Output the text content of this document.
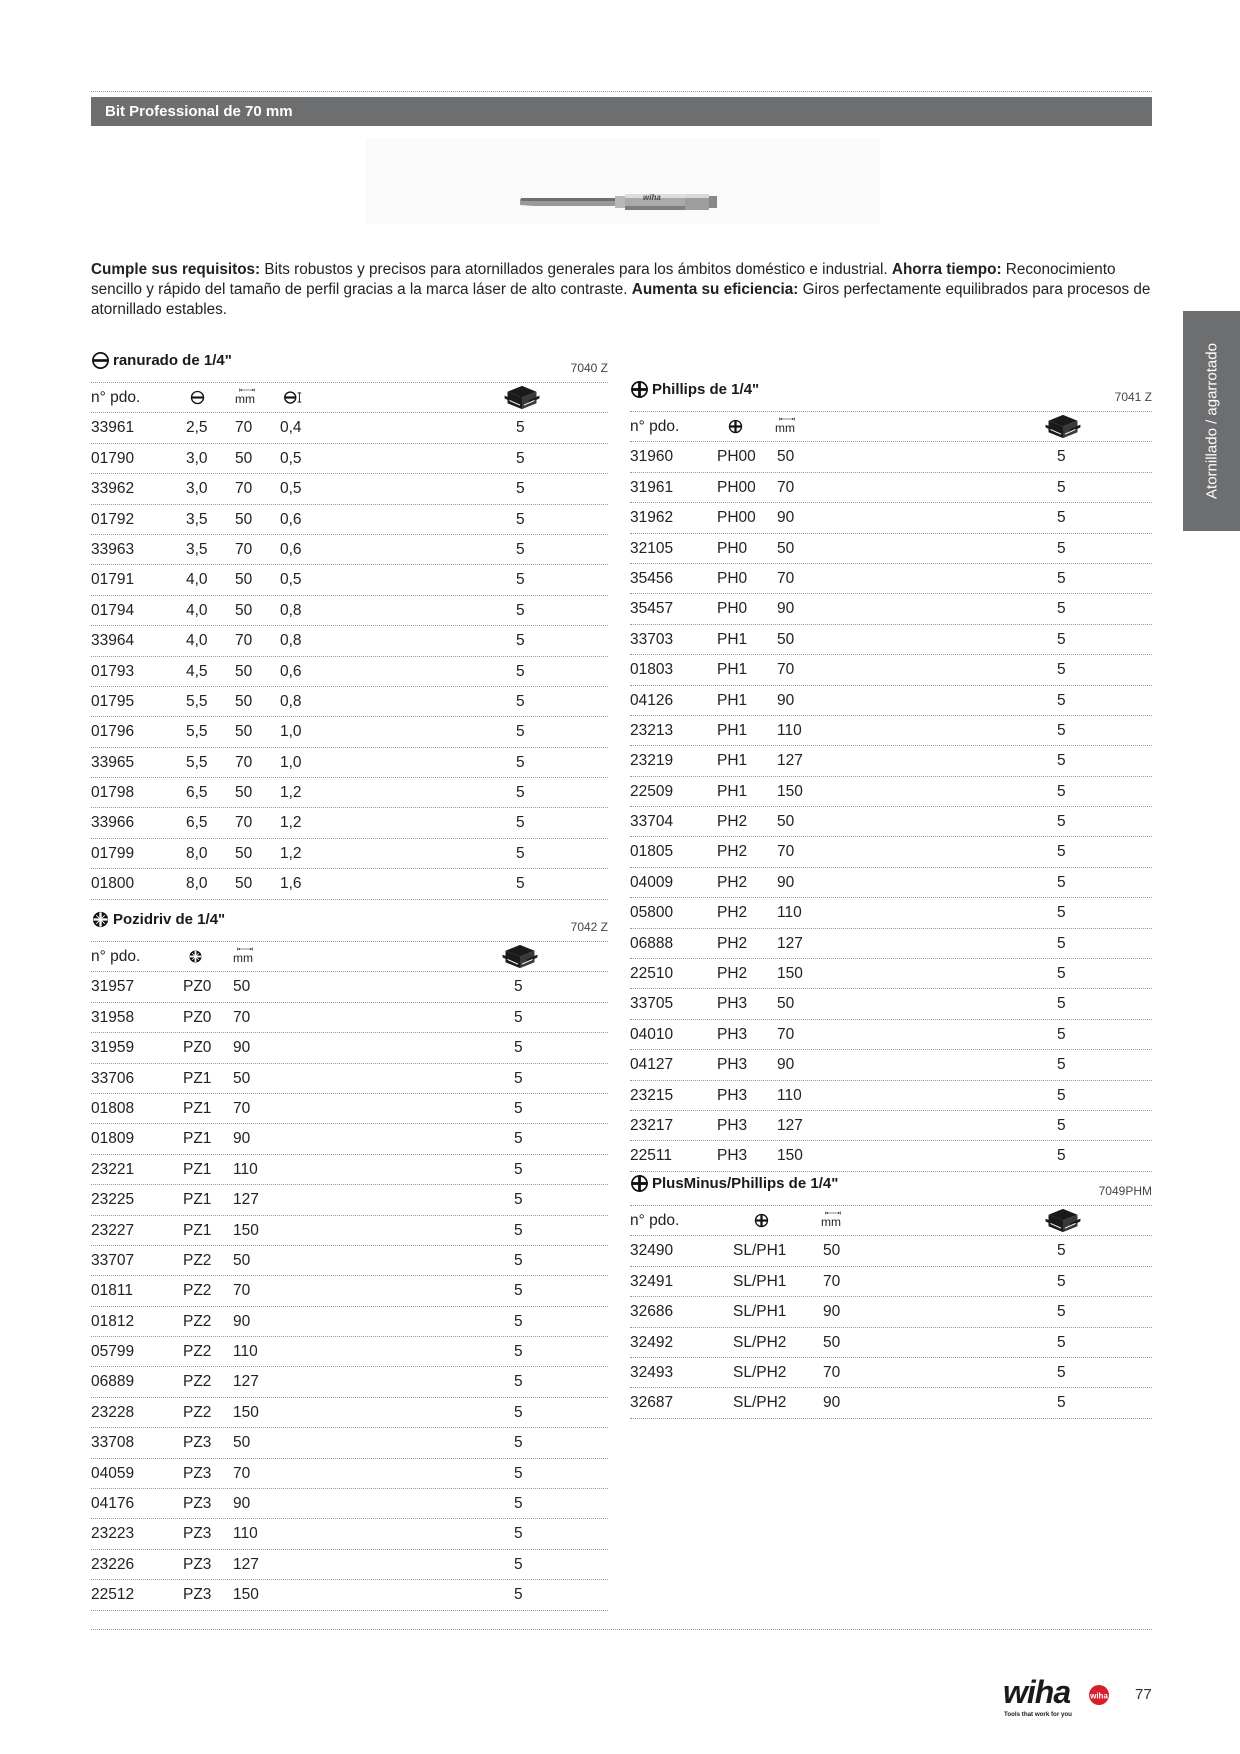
Bit Professional de 70 mm
wiha
Cumple sus requisitos: Bits robustos y precisos para atornillados generales para los ámbitos doméstico e industrial. Ahorra tiempo: Reconocimiento sencillo y rápido del tamaño de perfil gracias a la marca láser de alto contraste. Aumenta su eficiencia: Giros perfectamente equilibrados para procesos de atornillado estables.
Atornillado / agarrotado
ranurado de 1/4"	7040 Z
n° pdo.	mm
33961	2,5 70 0,4	5
01790	3,0 50 0,5	5
33962	3,0 70 0,5	5
01792	3,5 50 0,6	5
33963	3,5 70 0,6	5
01791	4,0 50 0,5	5
01794	4,0 50 0,8	5
33964	4,0 70 0,8	5
01793	4,5 50 0,6	5
01795	5,5 50 0,8	5
01796	5,5 50 1,0	5
33965	5,5 70 1,0	5
01798	6,5 50 1,2	5
33966	6,5 70 1,2	5
01799	8,0 50 1,2	5
01800	8,0 50 1,6	5
Pozidriv de 1/4"	7042 Z
n° pdo.	mm
31957	PZ0 50	5
31958	PZ0 70	5
31959	PZ0 90	5
33706	PZ1 50	5
01808	PZ1 70	5
01809	PZ1 90	5
23221	PZ1 110	5
23225	PZ1 127	5
23227	PZ1 150	5
33707	PZ2 50	5
01811	PZ2 70	5
01812	PZ2 90	5
05799	PZ2 110	5
06889	PZ2 127	5
23228	PZ2 150	5
33708	PZ3 50	5
04059	PZ3 70	5
04176	PZ3 90	5
23223	PZ3 110	5
23226	PZ3 127	5
22512	PZ3 150	5
Phillips de 1/4"	7041 Z
n° pdo.	mm
31960	PH00 50	5
31961	PH00 70	5
31962	PH00 90	5
32105	PH0 50	5
35456	PH0 70	5
35457	PH0 90	5
33703	PH1 50	5
01803	PH1 70	5
04126	PH1 90	5
23213	PH1 110	5
23219	PH1 127	5
22509	PH1 150	5
33704	PH2 50	5
01805	PH2 70	5
04009	PH2 90	5
05800	PH2 110	5
06888	PH2 127	5
22510	PH2 150	5
33705	PH3 50	5
04010	PH3 70	5
04127	PH3 90	5
23215	PH3 110	5
23217	PH3 127	5
22511	PH3 150	5
PlusMinus/Phillips de 1/4"	7049PHM
n° pdo.	mm
32490	SL/PH1 50	5
32491	SL/PH1 70	5
32686	SL/PH1 90	5
32492	SL/PH2 50	5
32493	SL/PH2 70	5
32687	SL/PH2 90	5
wiha wiha
Tools that work for you
77
